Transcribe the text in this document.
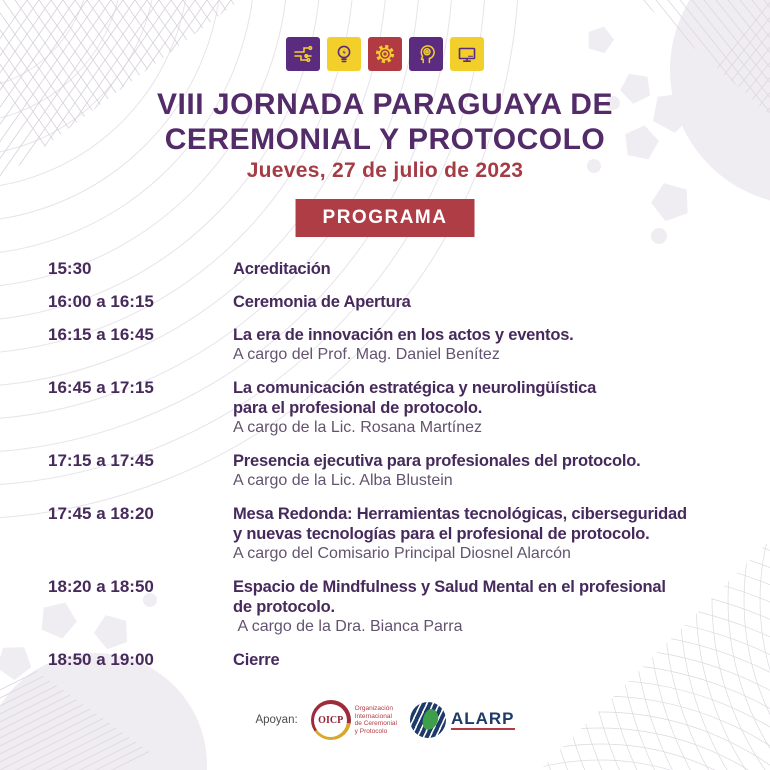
VIII JORNADA PARAGUAYA DE
CEREMONIAL Y PROTOCOLO
Jueves, 27 de julio de 2023
PROGRAMA
15:30	Acreditación
16:00 a 16:15	Ceremonia de Apertura
16:15 a 16:45	La era de innovación en los actos y eventos.
A cargo del Prof. Mag. Daniel Benítez
16:45 a 17:15	La comunicación estratégica y neurolingüística
para el profesional de protocolo.
A cargo de la Lic. Rosana Martínez
17:15 a 17:45	Presencia ejecutiva para profesionales del protocolo.
A cargo de la Lic. Alba Blustein
17:45 a 18:20	Mesa Redonda: Herramientas tecnológicas, ciberseguridad
y nuevas tecnologías para el profesional de protocolo.
A cargo del Comisario Principal Diosnel Alarcón
18:20 a 18:50	Espacio de Mindfulness y Salud Mental en el profesional
de protocolo.
A cargo de la Dra. Bianca Parra
18:50 a 19:00	Cierre
Apoyan:	OICP
Organización
Internacional
de Ceremonial
y Protocolo
ALARP
